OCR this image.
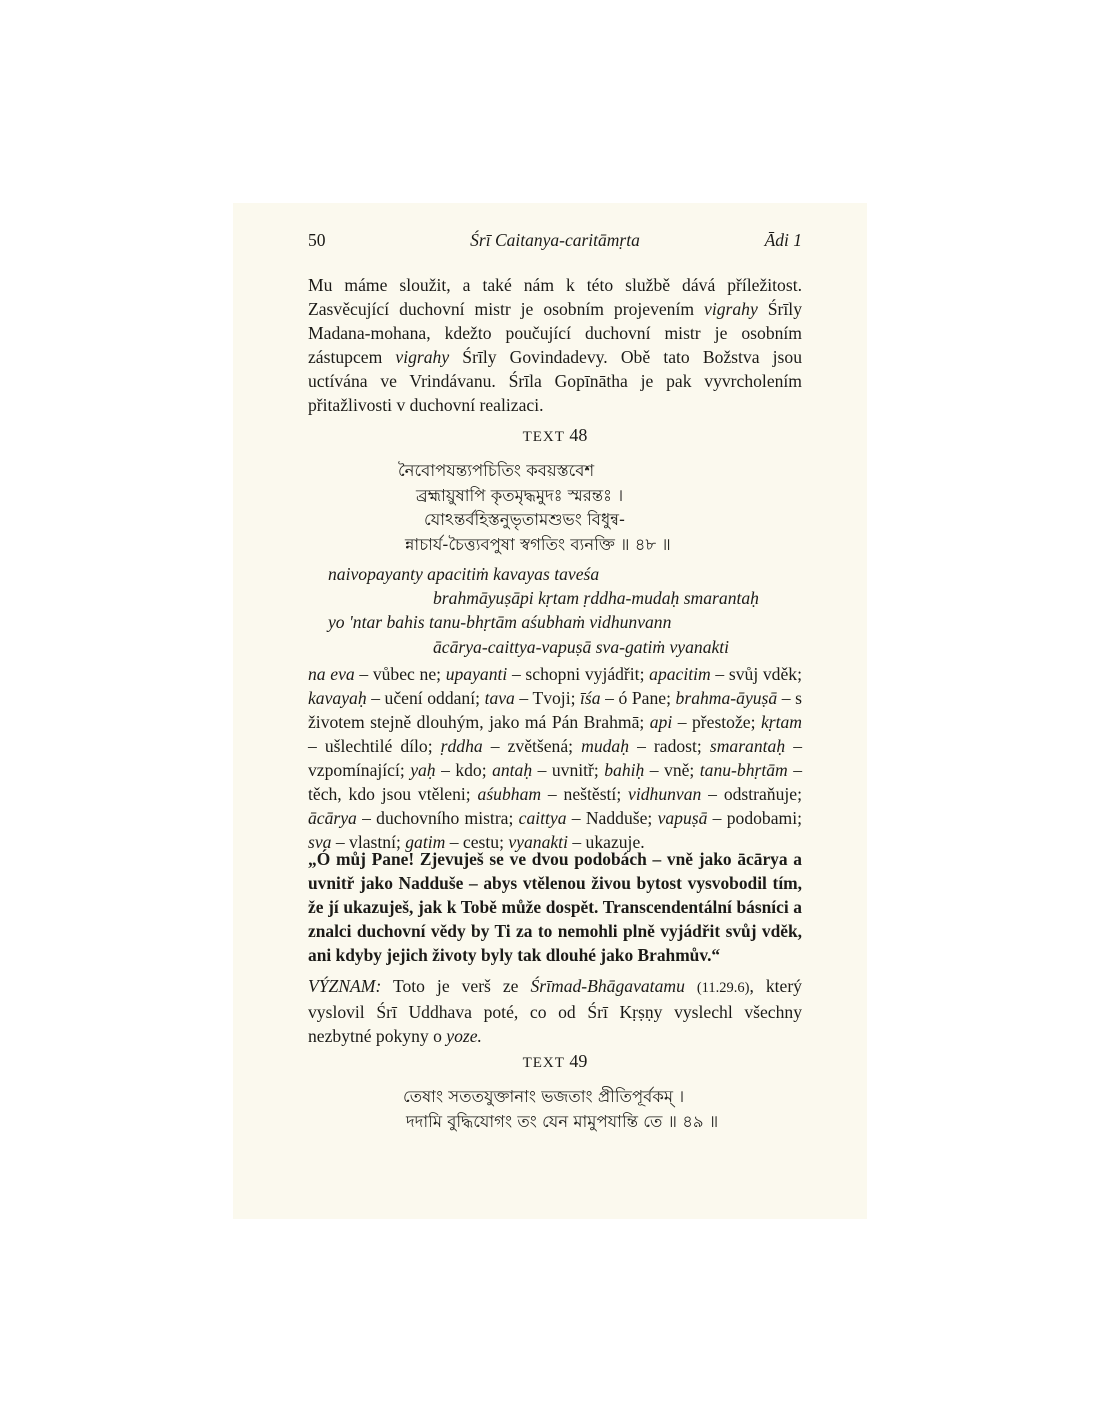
50	Śrī Caitanya-caritāmṛta	Ādi 1

Mu máme sloužit, a také nám k této službě dává příležitost. Zasvěcující duchovní mistr je osobním projevením vigrahy Śrīly Madana-mohana, kdežto poučující duchovní mistr je osobním zástupcem vigrahy Śrīly Govindadevy. Obě tato Božstva jsou uctívána ve Vrindávanu. Śrīla Gopīnātha je pak vyvrcholením přitažlivosti v duchovní realizaci.

TEXT 48
নৈবোপযন্ত্যপচিতিং কবয়স্তবেশ
ব্রহ্মায়ুষাপি কৃতমৃদ্ধমুদঃ স্মরন্তঃ ।
যোঽন্তর্বহিস্তনুভৃতামশুভং বিধুন্ব-
ন্নাচার্য-চৈত্ত্যবপুষা স্বগতিং ব্যনক্তি ॥ ৪৮ ॥
naivopayanty apacitiṁ kavayas taveśa
brahmāyuṣāpi kṛtam ṛddha-mudaḥ smarantaḥ
yo 'ntar bahis tanu-bhṛtām aśubhaṁ vidhunvann
ācārya-caittya-vapuṣā sva-gatiṁ vyanakti

na eva – vůbec ne; upayanti – schopni vyjádřit; apacitim – svůj vděk; kavayaḥ – učení oddaní; tava – Tvoji; īśa – ó Pane; brahma-āyuṣā – s životem stejně dlouhým, jako má Pán Brahmā; api – přestože; kṛtam – ušlechtilé dílo; ṛddha – zvětšená; mudaḥ – radost; smarantaḥ – vzpomínající; yaḥ – kdo; antaḥ – uvnitř; bahiḥ – vně; tanu-bhṛtām – těch, kdo jsou vtěleni; aśubham – neštěstí; vidhunvan – odstraňuje; ācārya – duchovního mistra; caittya – Nadduše; vapuṣā – podobami; sva – vlastní; gatim – cestu; vyanakti – ukazuje.

„Ó můj Pane! Zjevuješ se ve dvou podobách – vně jako ācārya a uvnitř jako Nadduše – abys vtělenou živou bytost vysvobodil tím, že jí ukazuješ, jak k Tobě může dospět. Transcendentální básníci a znalci duchovní vědy by Ti za to nemohli plně vyjádřit svůj vděk, ani kdyby jejich životy byly tak dlouhé jako Brahmův.“

VÝZNAM: Toto je verš ze Śrīmad-Bhāgavatamu (11.29.6), který vyslovil Śrī Uddhava poté, co od Śrī Kṛṣṇy vyslechl všechny nezbytné pokyny o yoze.

TEXT 49
তেষাং সততযুক্তানাং ভজতাং প্রীতিপূর্বকম্ ।
দদামি বুদ্ধিযোগং তং যেন মামুপযান্তি তে ॥ ৪৯ ॥
